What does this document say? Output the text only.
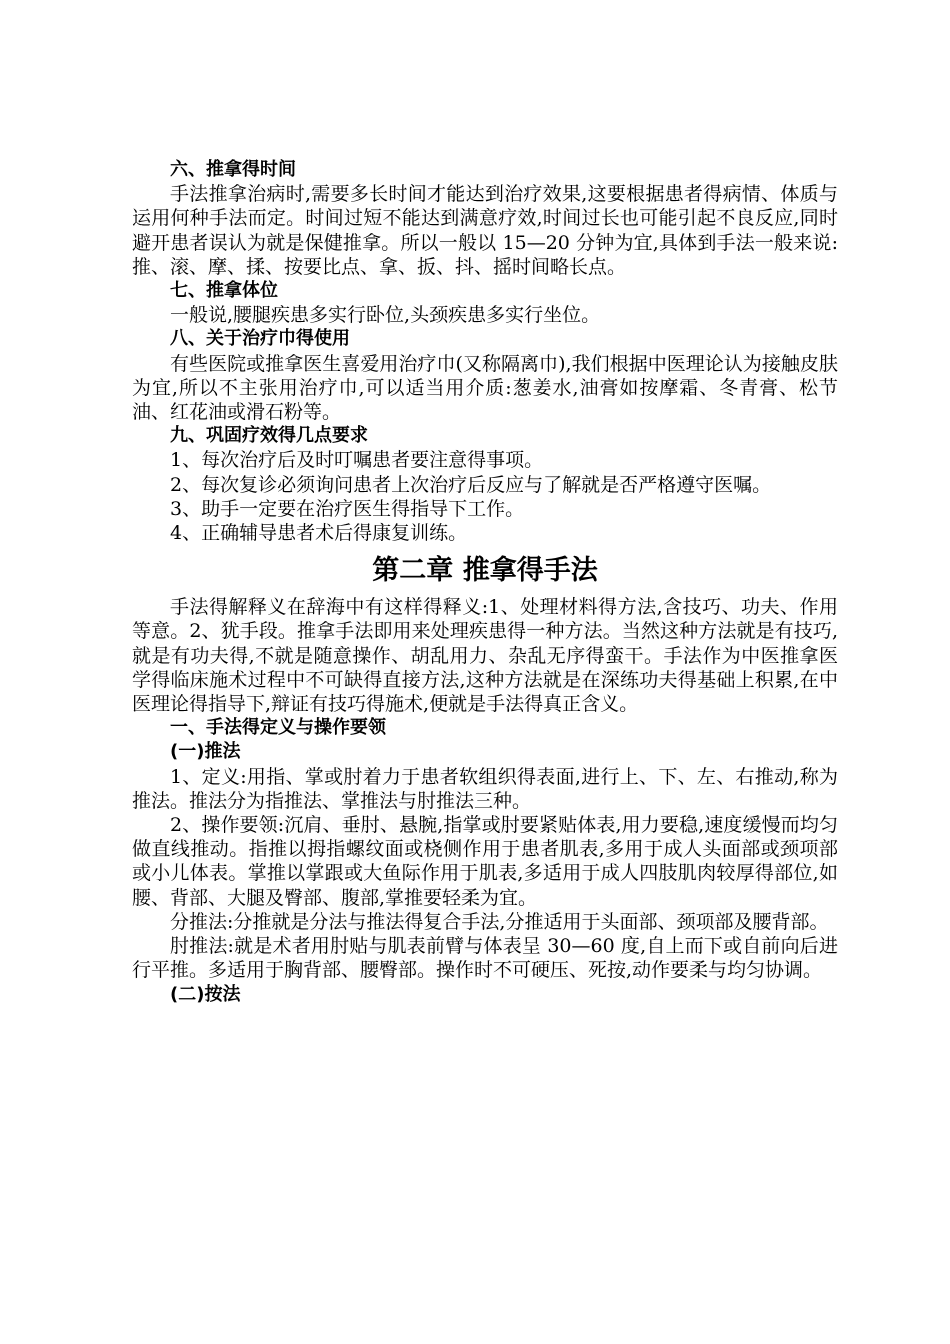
六、推拿得时间

手法推拿治病时,需要多长时间才能达到治疗效果,这要根据患者得病情、体质与运用何种手法而定。时间过短不能达到满意疗效,时间过长也可能引起不良反应,同时避开患者误认为就是保健推拿。所以一般以 15—20 分钟为宜,具体到手法一般来说:推、滚、摩、揉、按要比点、拿、扳、抖、摇时间略长点。

七、推拿体位

一般说,腰腿疾患多实行卧位,头颈疾患多实行坐位。

八、关于治疗巾得使用

有些医院或推拿医生喜爱用治疗巾(又称隔离巾),我们根据中医理论认为接触皮肤为宜,所以不主张用治疗巾,可以适当用介质:葱姜水,油膏如按摩霜、冬青膏、松节油、红花油或滑石粉等。

九、巩固疗效得几点要求

1、每次治疗后及时叮嘱患者要注意得事项。

2、每次复诊必须询问患者上次治疗后反应与了解就是否严格遵守医嘱。

3、助手一定要在治疗医生得指导下工作。

4、正确辅导患者术后得康复训练。

第二章 推拿得手法

手法得解释义在辞海中有这样得释义:1、处理材料得方法,含技巧、功夫、作用等意。2、犹手段。推拿手法即用来处理疾患得一种方法。当然这种方法就是有技巧,就是有功夫得,不就是随意操作、胡乱用力、杂乱无序得蛮干。手法作为中医推拿医学得临床施术过程中不可缺得直接方法,这种方法就是在深练功夫得基础上积累,在中医理论得指导下,辩证有技巧得施术,便就是手法得真正含义。

一、手法得定义与操作要领
(一)推法

1、定义:用指、掌或肘着力于患者软组织得表面,进行上、下、左、右推动,称为推法。推法分为指推法、掌推法与肘推法三种。

2、操作要领:沉肩、垂肘、悬腕,指掌或肘要紧贴体表,用力要稳,速度缓慢而均匀做直线推动。指推以拇指螺纹面或桡侧作用于患者肌表,多用于成人头面部或颈项部或小儿体表。掌推以掌跟或大鱼际作用于肌表,多适用于成人四肢肌肉较厚得部位,如腰、背部、大腿及臀部、腹部,掌推要轻柔为宜。

分推法:分推就是分法与推法得复合手法,分推适用于头面部、颈项部及腰背部。

肘推法:就是术者用肘贴与肌表前臂与体表呈 30—60 度,自上而下或自前向后进行平推。多适用于胸背部、腰臀部。操作时不可硬压、死按,动作要柔与均匀协调。

(二)按法
